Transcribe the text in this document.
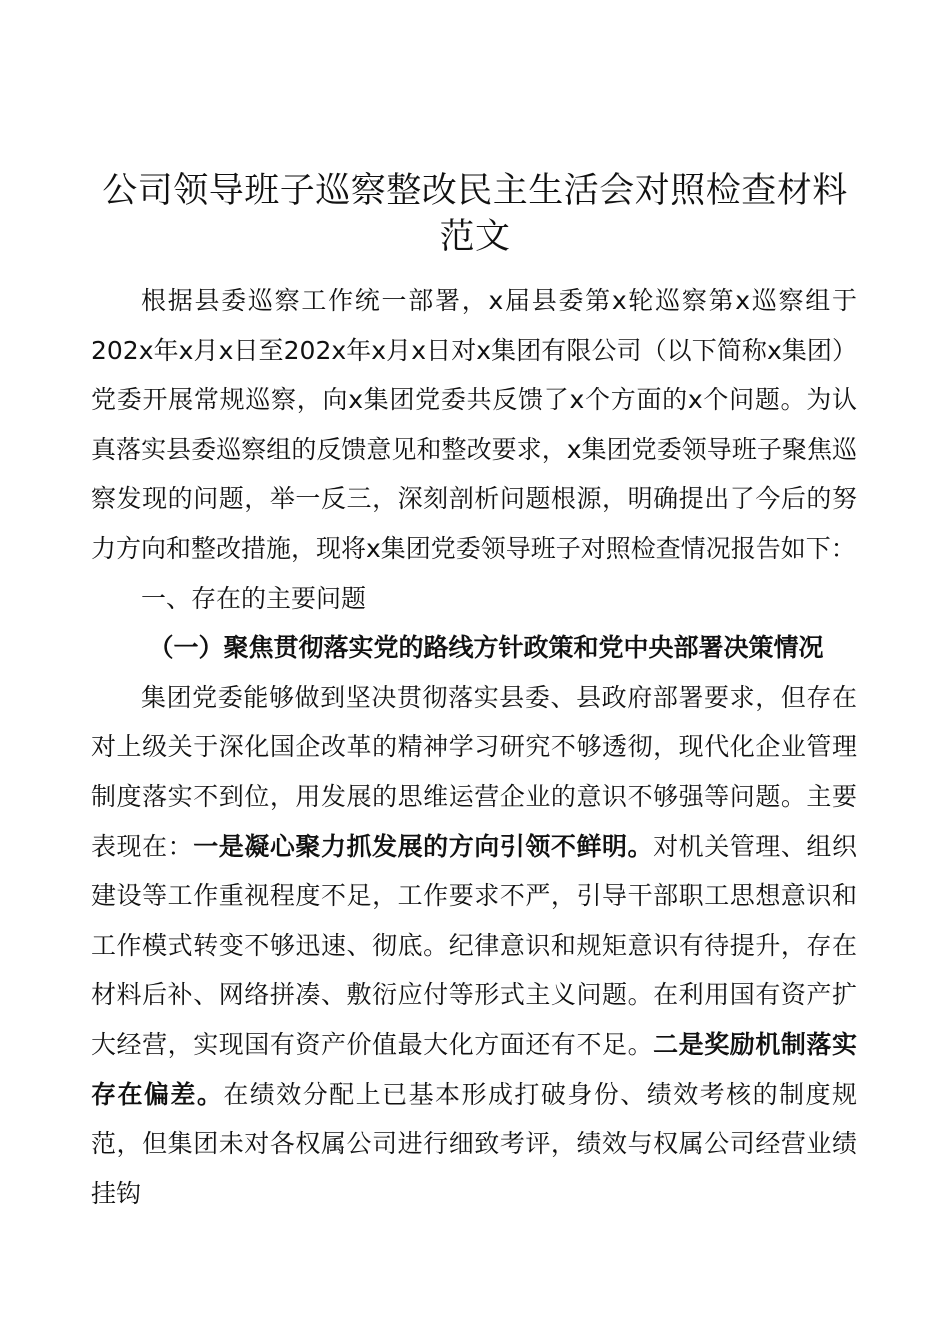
公司领导班子巡察整改民主生活会对照检查材料范文

根据县委巡察工作统一部署，x届县委第x轮巡察第x巡察组于202x年x月x日至202x年x月x日对x集团有限公司（以下简称x集团）党委开展常规巡察，向x集团党委共反馈了x个方面的x个问题。为认真落实县委巡察组的反馈意见和整改要求，x集团党委领导班子聚焦巡察发现的问题，举一反三，深刻剖析问题根源，明确提出了今后的努力方向和整改措施，现将x集团党委领导班子对照检查情况报告如下：

一、存在的主要问题

（一）聚焦贯彻落实党的路线方针政策和党中央部署决策情况

集团党委能够做到坚决贯彻落实县委、县政府部署要求，但存在对上级关于深化国企改革的精神学习研究不够透彻，现代化企业管理制度落实不到位，用发展的思维运营企业的意识不够强等问题。主要表现在：一是凝心聚力抓发展的方向引领不鲜明。对机关管理、组织建设等工作重视程度不足，工作要求不严，引导干部职工思想意识和工作模式转变不够迅速、彻底。纪律意识和规矩意识有待提升，存在材料后补、网络拼凑、敷衍应付等形式主义问题。在利用国有资产扩大经营，实现国有资产价值最大化方面还有不足。二是奖励机制落实存在偏差。在绩效分配上已基本形成打破身份、绩效考核的制度规范，但集团未对各权属公司进行细致考评，绩效与权属公司经营业绩挂钩
